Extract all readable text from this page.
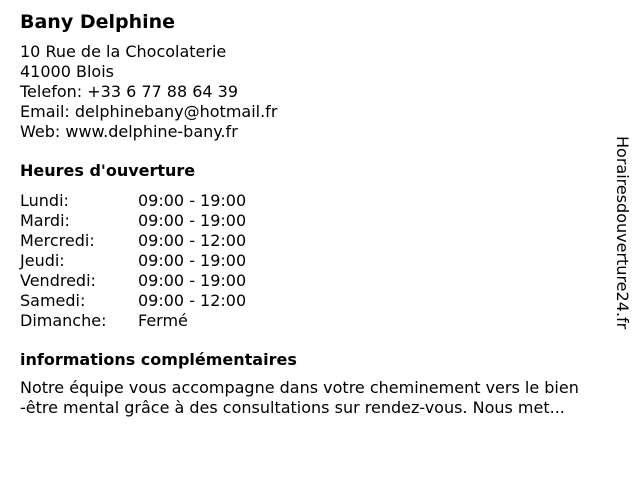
Bany Delphine
10 Rue de la Chocolaterie
41000 Blois
Telefon: +33 6 77 88 64 39
Email: delphinebany@hotmail.fr
Web: www.delphine-bany.fr
Heures d'ouverture
Lundi:	09:00 - 19:00
Mardi:	09:00 - 19:00
Mercredi:	09:00 - 12:00
Jeudi:	09:00 - 19:00
Vendredi:	09:00 - 19:00
Samedi:	09:00 - 12:00
Dimanche:	Fermé
informations complémentaires
Notre équipe vous accompagne dans votre cheminement vers le bien
-être mental grâce à des consultations sur rendez-vous. Nous met...
Horairesdouverture24.fr
